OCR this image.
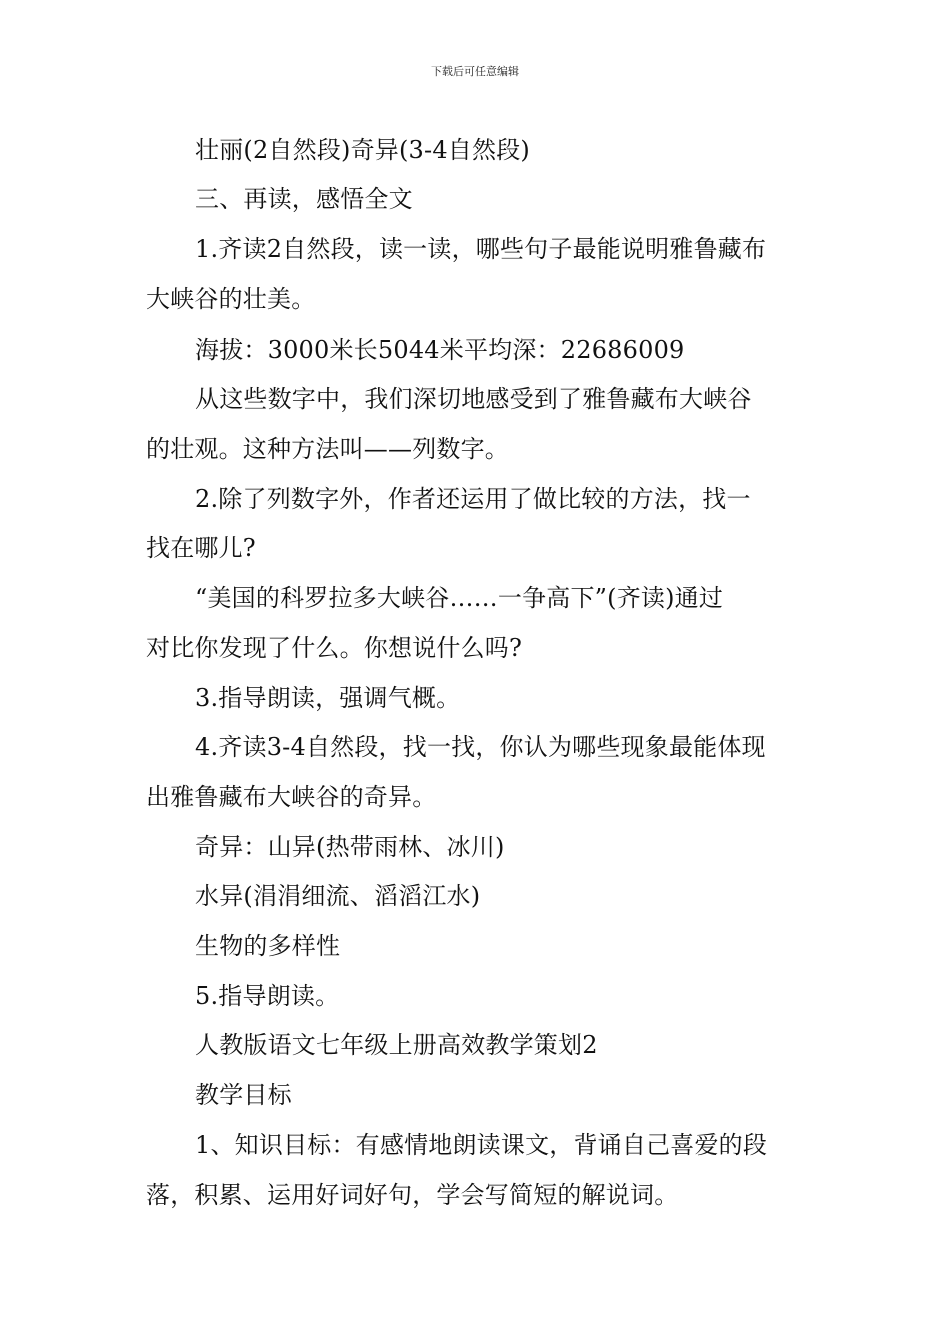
下载后可任意编辑
壮丽(2自然段)奇异(3-4自然段)
三、再读，感悟全文
1.齐读2自然段，读一读，哪些句子最能说明雅鲁藏布
大峡谷的壮美。
海拔：3000米长5044米平均深：22686009
从这些数字中，我们深切地感受到了雅鲁藏布大峡谷
的壮观。这种方法叫——列数字。
2.除了列数字外，作者还运用了做比较的方法，找一
找在哪儿?
“美国的科罗拉多大峡谷……一争高下”(齐读)通过
对比你发现了什么。你想说什么吗?
3.指导朗读，强调气概。
4.齐读3-4自然段，找一找，你认为哪些现象最能体现
出雅鲁藏布大峡谷的奇异。
奇异：山异(热带雨林、冰川)
水异(涓涓细流、滔滔江水)
生物的多样性
5.指导朗读。
人教版语文七年级上册高效教学策划2
教学目标
1、知识目标：有感情地朗读课文，背诵自己喜爱的段
落，积累、运用好词好句，学会写简短的解说词。
